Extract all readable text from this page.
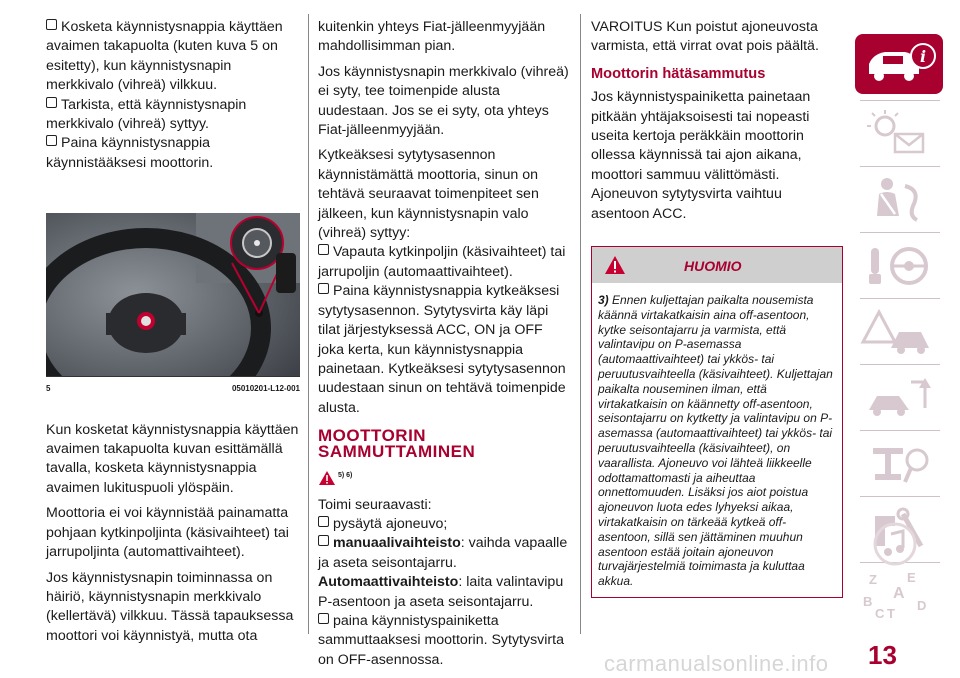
Kosketa käynnistysnappia käyttäen
avaimen takapuolta (kuten kuva 5 on
esitetty), kun käynnistysnapin
merkkivalo (vihreä) vilkkuu.
Tarkista, että käynnistysnapin
merkkivalo (vihreä) syttyy.
Paina käynnistysnappia
käynnistääksesi moottorin.
5	05010201-L12-001

Kun kosketat käynnistysnappia käyttäen avaimen takapuolta kuvan esittämällä tavalla, kosketa käynnistysnappia avaimen lukituspuoli ylöspäin.

Moottoria ei voi käynnistää painamatta pohjaan kytkinpoljinta (käsivaihteet) tai jarrupoljinta (automattivaihteet).

Jos käynnistysnapin toiminnassa on häiriö, käynnistysnapin merkkivalo (kellertävä) vilkkuu. Tässä tapauksessa moottori voi käynnistyä, mutta ota

kuitenkin yhteys Fiat-jälleenmyyjään mahdollisimman pian.

Jos käynnistysnapin merkkivalo (vihreä) ei syty, tee toimenpide alusta uudestaan. Jos se ei syty, ota yhteys Fiat-jälleenmyyjään.

Kytkeäksesi sytytysasennon käynnistämättä moottoria, sinun on tehtävä seuraavat toimenpiteet sen jälkeen, kun käynnistysnapin valo (vihreä) syttyy:

Vapauta kytkinpoljin (käsivaihteet) tai jarrupoljin (automaattivaihteet).
Paina käynnistysnappia kytkeäksesi sytytysasennon. Sytytysvirta käy läpi tilat järjestyksessä ACC, ON ja OFF joka kerta, kun käynnistysnappia painetaan. Kytkeäksesi sytytysasennon uudestaan sinun on tehtävä toimenpide alusta.
MOOTTORIN
SAMMUTTAMINEN
5) 6)
Toimi seuraavasti:
pysäytä ajoneuvo;
manuaalivaihteisto: vaihda vapaalle ja aseta seisontajarru.
Automaattivaihteisto: laita valintavipu P-asentoon ja aseta seisontajarru.
paina käynnistyspainiketta sammuttaaksesi moottorin. Sytytysvirta on OFF-asennossa.

VAROITUS Kun poistut ajoneuvosta varmista, että virrat ovat pois päältä.

Moottorin hätäsammutus

Jos käynnistyspainiketta painetaan pitkään yhtäjaksoisesti tai nopeasti useita kertoja peräkkäin moottorin ollessa käynnissä tai ajon aikana, moottori sammuu välittömästi. Ajoneuvon sytytysvirta vaihtuu asentoon ACC.

HUOMIO
3) Ennen kuljettajan paikalta nousemista käännä virtakatkaisin aina off-asentoon, kytke seisontajarru ja varmista, että valintavipu on P-asemassa (automaattivaihteet) tai ykkös- tai peruutusvaihteella (käsivaihteet). Kuljettajan paikalta nouseminen ilman, että virtakatkaisin on käännetty off-asentoon, seisontajarru on kytketty ja valintavipu on P-asemassa (automaattivaihteet) tai ykkös- tai peruutusvaihteella (käsivaihteet), on vaarallista. Ajoneuvo voi lähteä liikkeelle odottamattomasti ja aiheuttaa onnettomuuden. Lisäksi jos aiot poistua ajoneuvon luota edes lyhyeksi aikaa, virtakatkaisin on tärkeää kytkeä off-asentoon, sillä sen jättäminen muuhun asentoon estää joitain ajoneuvon turvajärjestelmiä toimimasta ja kuluttaa akkua.
i
Z E
A
B
C T
D
13
carmanualsonline.info
